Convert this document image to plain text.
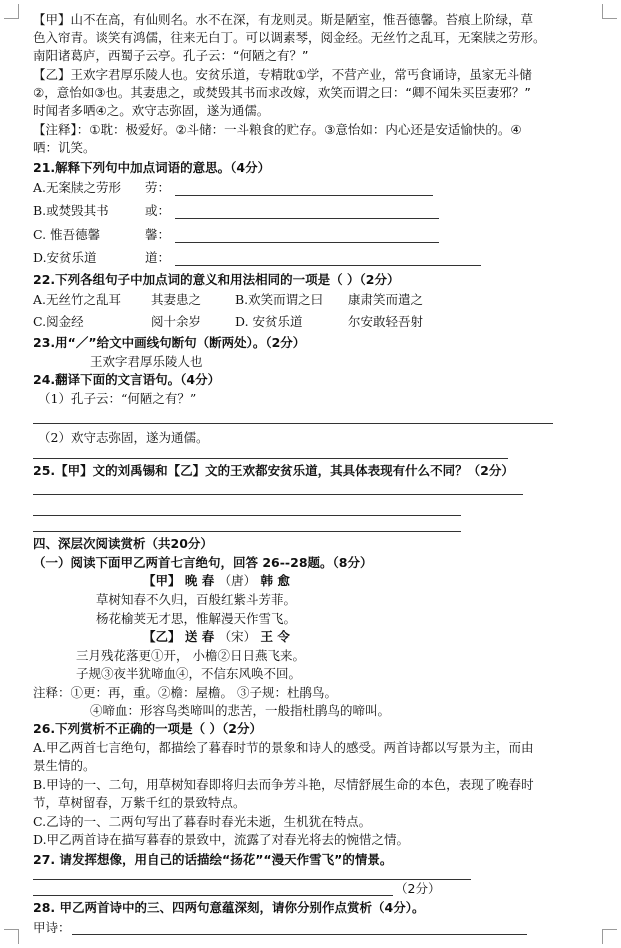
【甲】山不在高，有仙则名。水不在深，有龙则灵。斯是陋室，惟吾德馨。苔痕上阶绿，草
色入帘青。谈笑有鸿儒，往来无白丁。可以调素琴，阅金经。无丝竹之乱耳，无案牍之劳形。
南阳诸葛庐，西蜀子云亭。孔子云：“何陋之有？”
【乙】王欢字君厚乐陵人也。安贫乐道，专精耽①学，不营产业，常丐食诵诗，虽家无斗储
②，意怡如③也。其妻患之，或焚毁其书而求改嫁，欢笑而谓之曰：“卿不闻朱买臣妻邪？”
时闻者多哂④之。欢守志弥固，遂为通儒。
【注释】：①耽：极爱好。②斗储：一斗粮食的贮存。③意怡如：内心还是安适愉快的。④
哂：讥笑。
21.解释下列句中加点词语的意思。（4分）
A.无案牍之劳形 劳：
B.或焚毁其书	或：
C. 惟吾德馨	馨：
D.安贫乐道	道：
22.下列各组句子中加点词的意义和用法相同的一项是（ ）（2分）
A.无丝竹之乱耳 其妻患之	B.欢笑而谓之曰 康肃笑而遣之
C.阅金经	阅十余岁	D. 安贫乐道	尔安敢轻吾射
23.用“／”给文中画线句断句（断两处）。（2分）
王欢字君厚乐陵人也
24.翻译下面的文言语句。（4分）
（1）孔子云：“何陋之有？”
（2）欢守志弥固，遂为通儒。
25.【甲】文的刘禹锡和【乙】文的王欢都安贫乐道，其具体表现有什么不同？（2分）
四、深层次阅读赏析（共20分）
（一）阅读下面甲乙两首七言绝句，回答 26--28题。（8分）
【甲】 晚 春 （唐） 韩 愈
草树知春不久归，百般红紫斗芳菲。
杨花榆荚无才思，惟解漫天作雪飞。
【乙】 送 春 （宋） 王 令
三月残花落更①开， 小檐②日日燕飞来。
子规③夜半犹啼血④，不信东风唤不回。
注释：①更：再，重。②檐：屋檐。 ③子规：杜鹃鸟。
④啼血：形容鸟类啼叫的悲苦，一般指杜鹃鸟的啼叫。
26.下列赏析不正确的一项是（ ）（2分）
A.甲乙两首七言绝句，都描绘了暮春时节的景象和诗人的感受。两首诗都以写景为主，而由
景生情的。
B.甲诗的一、二句，用草树知春即将归去而争芳斗艳，尽情舒展生命的本色，表现了晚春时
节，草树留春，万紫千红的景致特点。
C.乙诗的一、二两句写出了暮春时春光未逝，生机犹在特点。
D.甲乙两首诗在描写暮春的景致中，流露了对春光将去的惋惜之情。
27. 请发挥想像，用自己的话描绘“扬花”“漫天作雪飞”的情景。
（2分）
28. 甲乙两首诗中的三、四两句意蕴深刻，请你分别作点赏析（4分）。
甲诗：
